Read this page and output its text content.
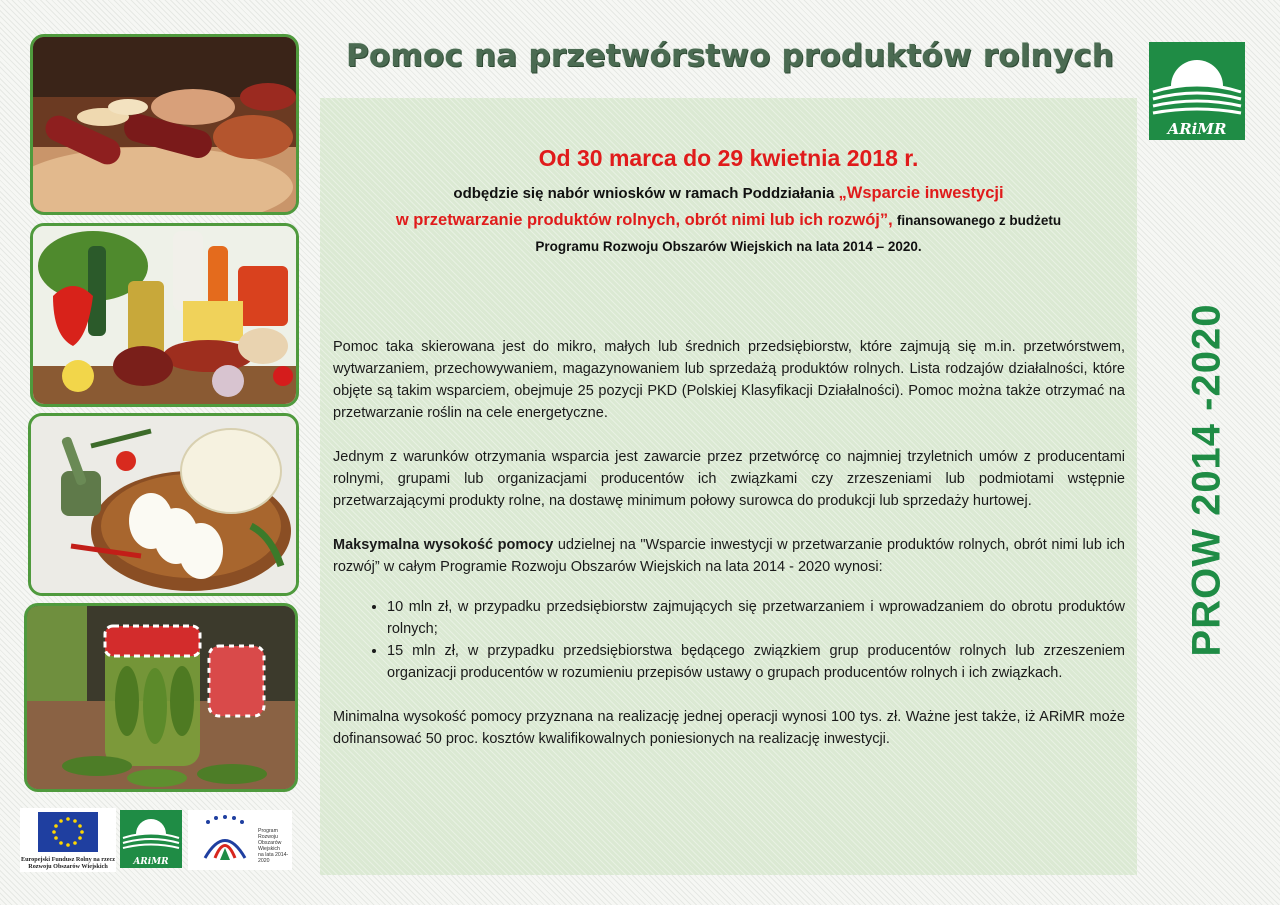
Pomoc na przetwórstwo produktów rolnych
ARiMR
Od 30 marca do 29 kwietnia 2018 r.
odbędzie się nabór wniosków w ramach Poddziałania „Wsparcie inwestycji
w przetwarzanie produktów rolnych, obrót nimi lub ich rozwój”, finansowanego z budżetu
Programu Rozwoju Obszarów Wiejskich na lata 2014 – 2020.

Pomoc taka skierowana jest do mikro, małych lub średnich przedsiębiorstw, które zajmują się m.in. przetwórstwem, wytwarzaniem, przechowywaniem, magazynowaniem lub sprzedażą produktów rolnych. Lista rodzajów działalności, które objęte są takim wsparciem, obejmuje 25 pozycji PKD (Polskiej Klasyfikacji Działalności). Pomoc można także otrzymać na przetwarzanie roślin na cele energetyczne.

Jednym z warunków otrzymania wsparcia jest zawarcie przez przetwórcę co najmniej trzyletnich umów z producentami rolnymi, grupami lub organizacjami producentów ich związkami czy zrzeszeniami lub podmiotami wstępnie przetwarzającymi produkty rolne, na dostawę minimum połowy surowca do produkcji lub sprzedaży hurtowej.

Maksymalna wysokość pomocy udzielnej na "Wsparcie inwestycji w przetwarzanie produktów rolnych, obrót nimi lub ich rozwój” w całym Programie Rozwoju Obszarów Wiejskich na lata 2014 - 2020 wynosi:

• 10 mln zł, w przypadku przedsiębiorstw zajmujących się przetwarzaniem i wprowadzaniem do obrotu produktów rolnych;
• 15 mln zł, w przypadku przedsiębiorstwa będącego związkiem grup producentów rolnych lub zrzeszeniem organizacji producentów w rozumieniu przepisów ustawy o grupach producentów rolnych i ich związkach.

Minimalna wysokość pomocy przyznana na realizację jednej operacji wynosi 100 tys. zł. Ważne jest także, iż ARiMR może dofinansować 50 proc. kosztów kwalifikowalnych poniesionych na realizację inwestycji.

PROW 2014 -2020
ARiMR
Europejski Fundusz Rolny na rzecz
Rozwoju Obszarów Wiejskich
Program
Rozwoju
Obszarów
Wiejskich
na lata 2014-2020
